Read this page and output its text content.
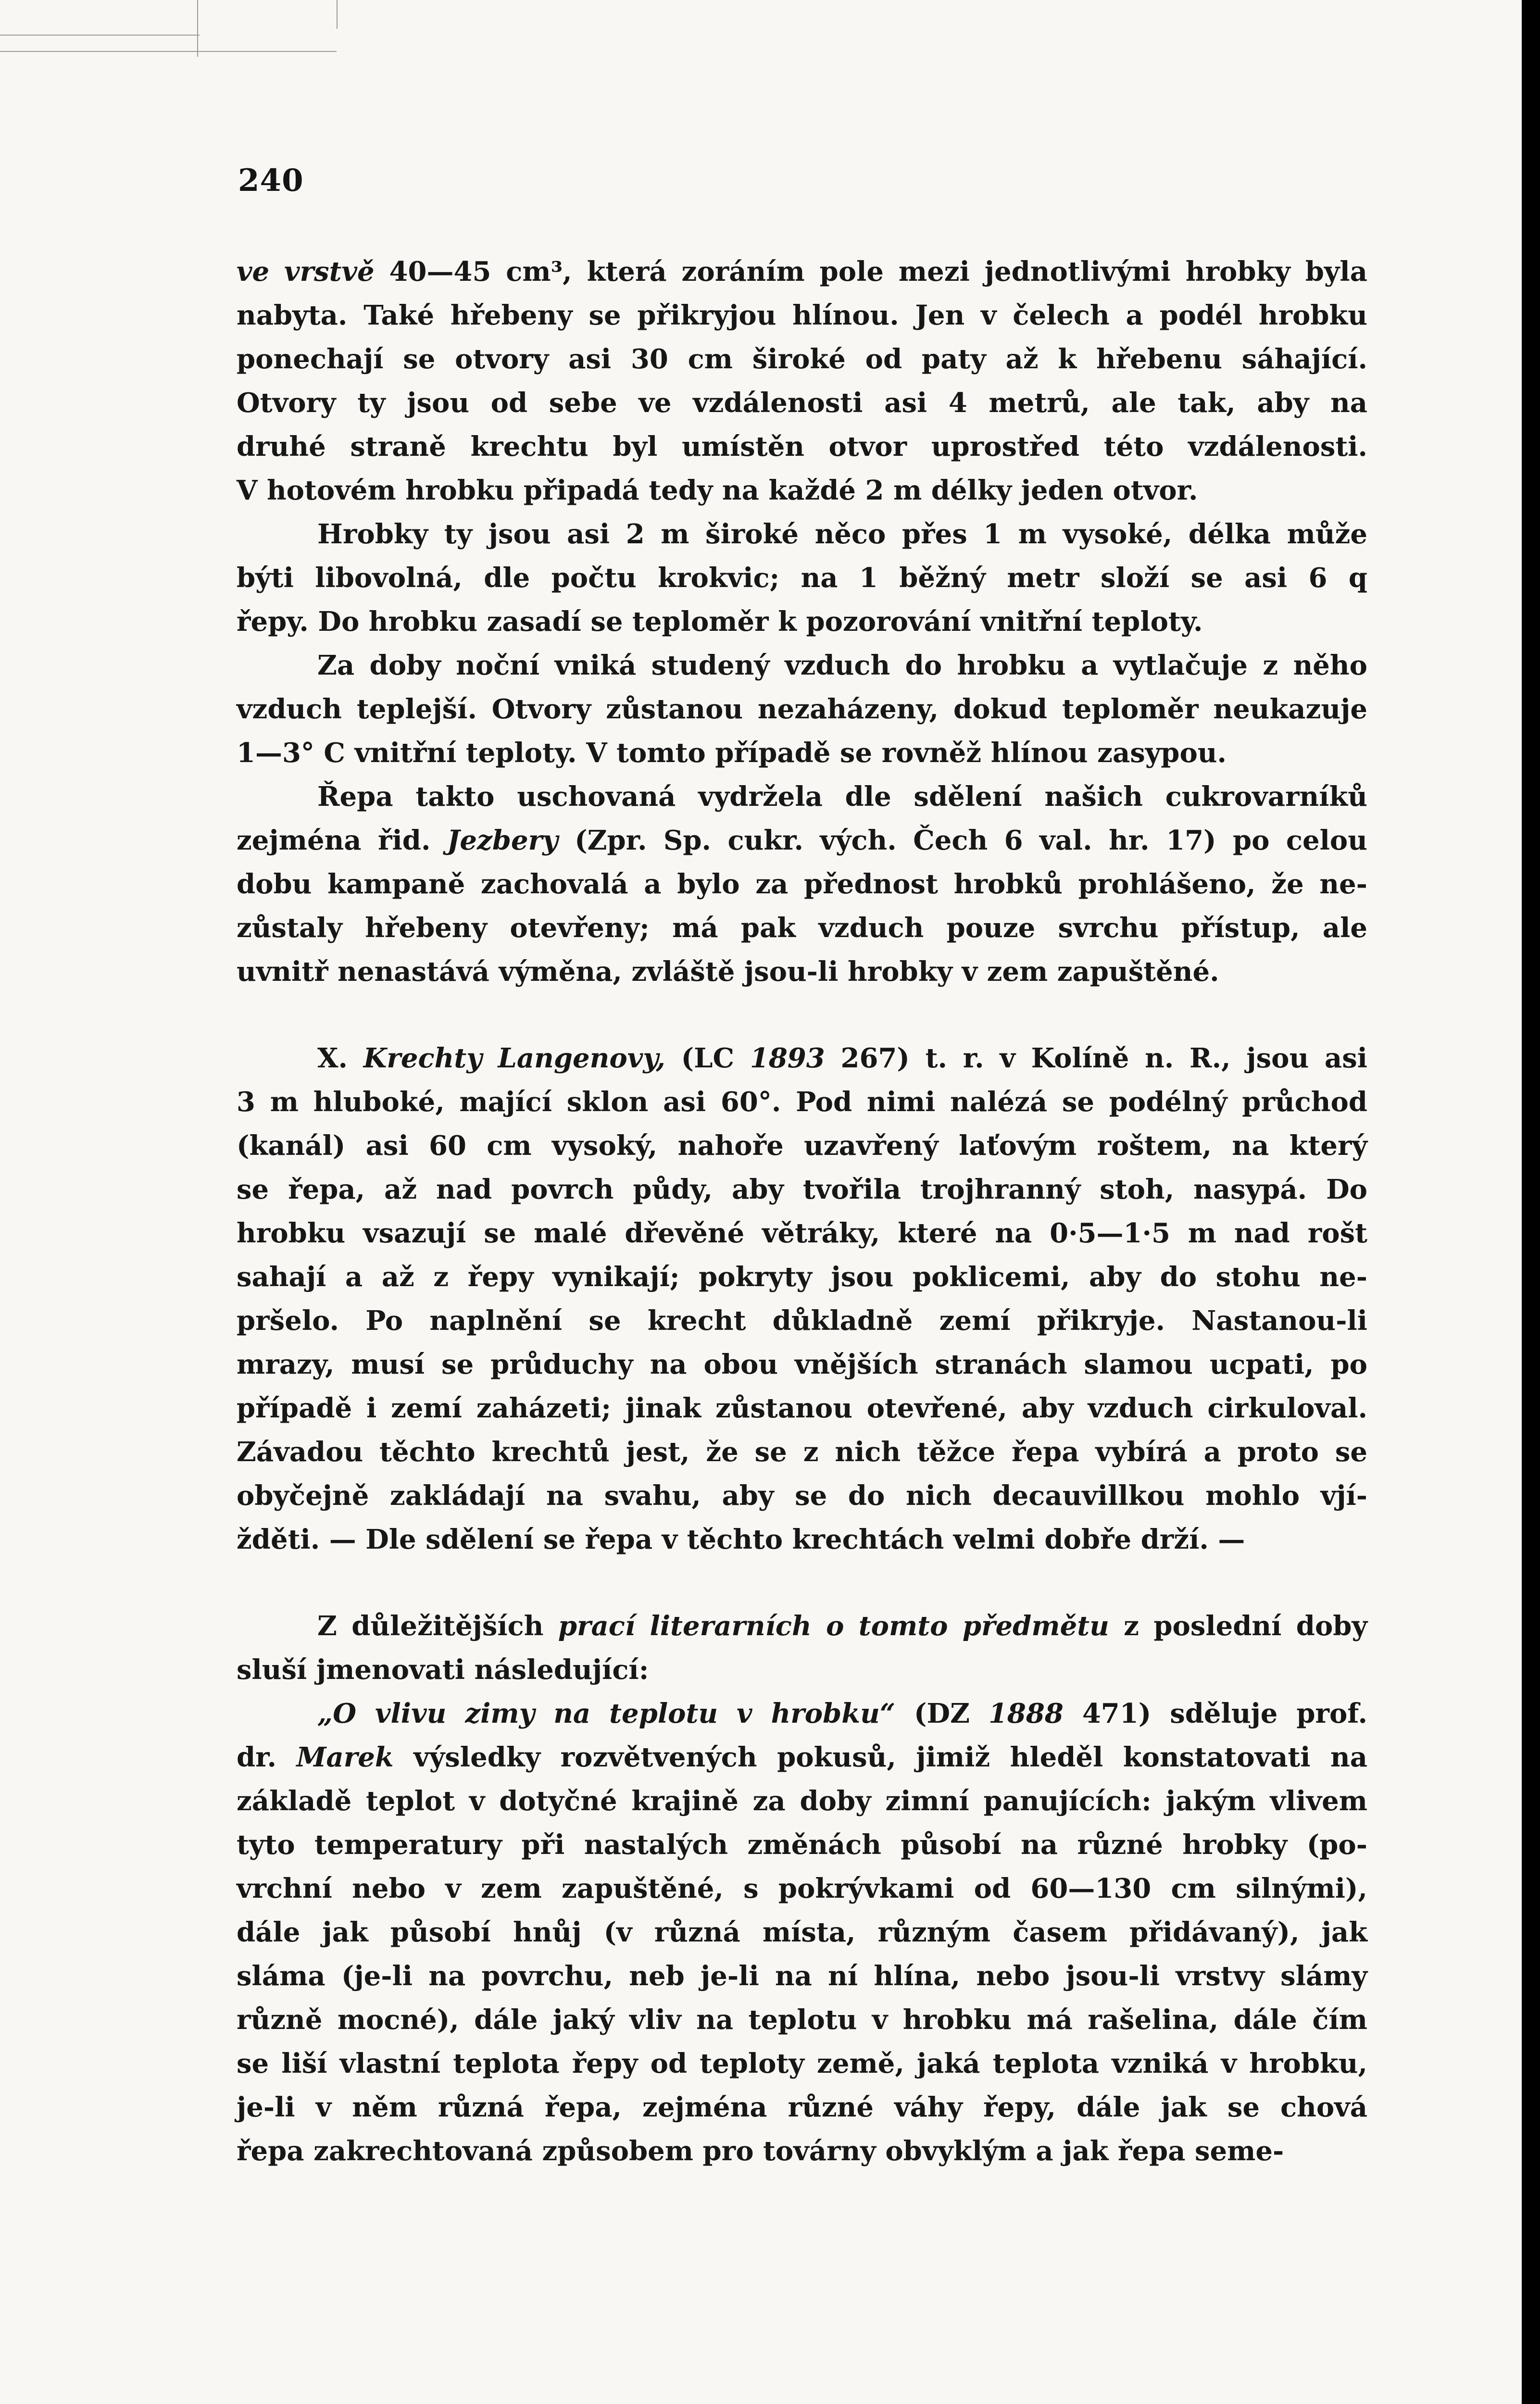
240

ve vrstvě 40—45 cm³, která zoráním pole mezi jednotlivými hrobky byla

nabyta. Také hřebeny se přikryjou hlínou. Jen v čelech a podél hrobku

ponechají se otvory asi 30 cm široké od paty až k hřebenu sáhající.

Otvory ty jsou od sebe ve vzdálenosti asi 4 metrů, ale tak, aby na

druhé straně krechtu byl umístěn otvor uprostřed této vzdálenosti.

V hotovém hrobku připadá tedy na každé 2 m délky jeden otvor.

Hrobky ty jsou asi 2 m široké něco přes 1 m vysoké, délka může

býti libovolná, dle počtu krokvic; na 1 běžný metr složí se asi 6 q

řepy. Do hrobku zasadí se teploměr k pozorování vnitřní teploty.

Za doby noční vniká studený vzduch do hrobku a vytlačuje z něho

vzduch teplejší. Otvory zůstanou nezaházeny, dokud teploměr neukazuje

1—3° C vnitřní teploty. V tomto případě se rovněž hlínou zasypou.

Řepa takto uschovaná vydržela dle sdělení našich cukrovarníků

zejména řid. Jezbery (Zpr. Sp. cukr. vých. Čech 6 val. hr. 17) po celou

dobu kampaně zachovalá a bylo za přednost hrobků prohlášeno, že ne-

zůstaly hřebeny otevřeny; má pak vzduch pouze svrchu přístup, ale

uvnitř nenastává výměna, zvláště jsou-li hrobky v zem zapuštěné.

X. Krechty Langenovy, (LC 1893 267) t. r. v Kolíně n. R., jsou asi

3 m hluboké, mající sklon asi 60°. Pod nimi nalézá se podélný průchod

(kanál) asi 60 cm vysoký, nahoře uzavřený laťovým roštem, na který

se řepa, až nad povrch půdy, aby tvořila trojhranný stoh, nasypá. Do

hrobku vsazují se malé dřevěné větráky, které na 0·5—1·5 m nad rošt

sahají a až z řepy vynikají; pokryty jsou poklicemi, aby do stohu ne-

pršelo. Po naplnění se krecht důkladně zemí přikryje. Nastanou-li

mrazy, musí se průduchy na obou vnějších stranách slamou ucpati, po

případě i zemí zaházeti; jinak zůstanou otevřené, aby vzduch cirkuloval.

Závadou těchto krechtů jest, že se z nich těžce řepa vybírá a proto se

obyčejně zakládají na svahu, aby se do nich decauvillkou mohlo vjí-

žděti. — Dle sdělení se řepa v těchto krechtách velmi dobře drží. —

Z důležitějších prací literarních o tomto předmětu z poslední doby

sluší jmenovati následující:

„O vlivu zimy na teplotu v hrobku“ (DZ 1888 471) sděluje prof.

dr. Marek výsledky rozvětvených pokusů, jimiž hleděl konstatovati na

základě teplot v dotyčné krajině za doby zimní panujících: jakým vlivem

tyto temperatury při nastalých změnách působí na různé hrobky (po-

vrchní nebo v zem zapuštěné, s pokrývkami od 60—130 cm silnými),

dále jak působí hnůj (v různá místa, různým časem přidávaný), jak

sláma (je-li na povrchu, neb je-li na ní hlína, nebo jsou-li vrstvy slámy

různě mocné), dále jaký vliv na teplotu v hrobku má rašelina, dále čím

se liší vlastní teplota řepy od teploty země, jaká teplota vzniká v hrobku,

je-li v něm různá řepa, zejména různé váhy řepy, dále jak se chová

řepa zakrechtovaná způsobem pro továrny obvyklým a jak řepa seme-
